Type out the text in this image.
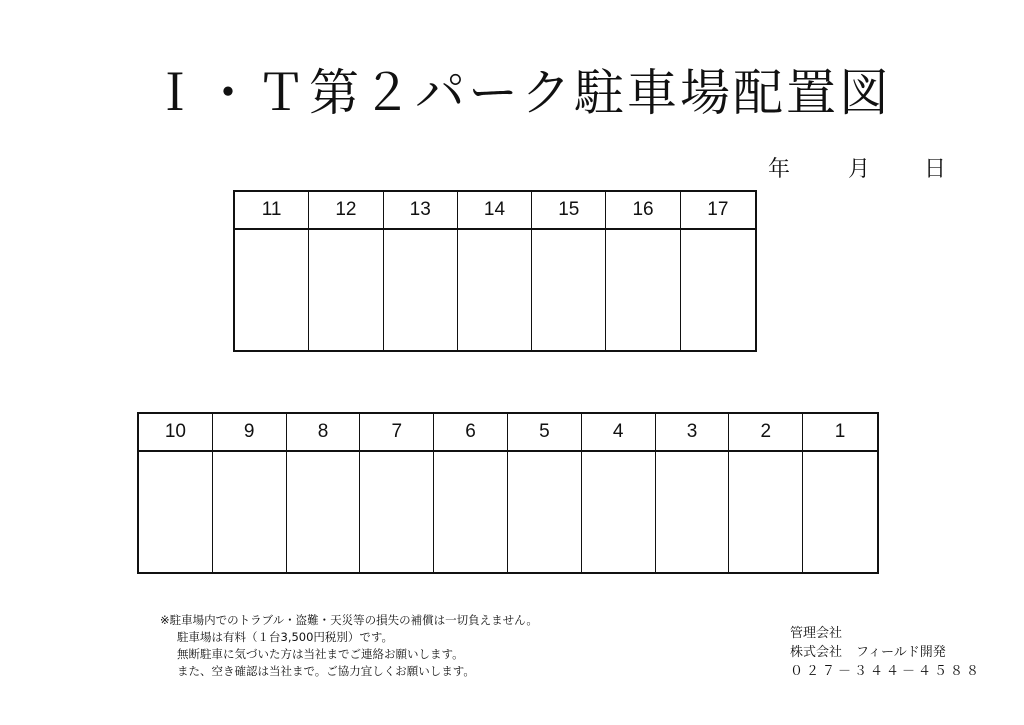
Ｉ・Ｔ第２パーク駐車場配置図
年	月 日
11	12	13	14	15	16	17
10	9	8	7	6	5	4	3	2	1
※駐車場内でのトラブル・盗難・天災等の損失の補償は一切負えません。
駐車場は有料（１台3,500円税別）です。
無断駐車に気づいた方は当社までご連絡お願いします。
また、空き確認は当社まで。ご協力宜しくお願いします。
管理会社
株式会社 フィールド開発
０２７－３４４－４５８８
